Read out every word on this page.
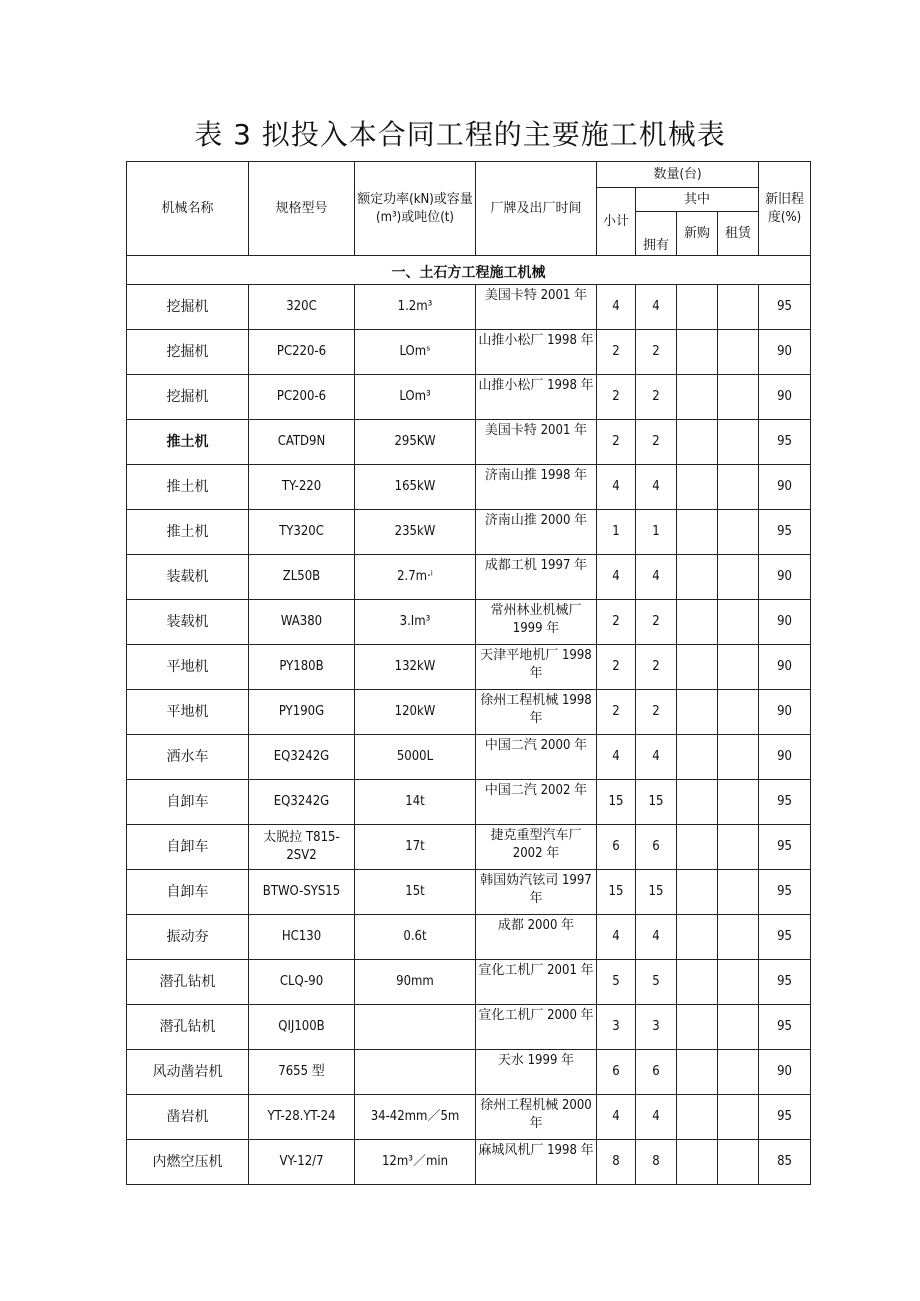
表 3 拟投入本合同工程的主要施工机械表
机械名称	规格型号	额定功率(kN)或容量(m³)或吨位(t)	厂牌及出厂时间	数量(台)				新旧程度(%)
				小计	其中			
					拥有	新购	租赁	
一、土石方工程施工机械								
挖掘机	320C	1.2m³	美国卡特 2001 年	4	4			95
挖掘机	PC220-6	LOmˢ	山推小松厂 1998 年	2	2			90
挖掘机	PC200-6	LOm³	山推小松厂 1998 年	2	2			90
推土机	CATD9N	295KW	美国卡特 2001 年	2	2			95
推土机	TY-220	165kW	济南山推 1998 年	4	4			90
推土机	TY320C	235kW	济南山推 2000 年	1	1			95
装载机	ZL50B	2.7m·ⁱ	成都工机 1997 年	4	4			90
装载机	WA380	3.Im³	常州林业机械厂 1999 年	2	2			90
平地机	PY180B	132kW	天津平地机厂 1998 年	2	2			90
平地机	PY190G	120kW	徐州工程机械 1998 年	2	2			90
洒水车	EQ3242G	5000L	中国二汽 2000 年	4	4			90
自卸车	EQ3242G	14t	中国二汽 2002 年	15	15			95
自卸车	太脱拉 T815-2SV2	17t	捷克重型汽车厂 2002 年	6	6			95
自卸车	BTWO-SYS15	15t	韩国妫汽铉司 1997 年	15	15			95
振动夯	HC130	0.6t	成都 2000 年	4	4			95
潜孔钻机	CLQ-90	90mm	宣化工机厂 2001 年	5	5			95
潜孔钻机	QIJ100B		宣化工机厂 2000 年	3	3			95
风动凿岩机	7655 型		天水 1999 年	6	6			90
凿岩机	YT-28.YT-24	34-42mm／5m	徐州工程机械 2000 年	4	4			95
内燃空压机	VY-12/7	12m³／min	麻城风机厂 1998 年	8	8			85
